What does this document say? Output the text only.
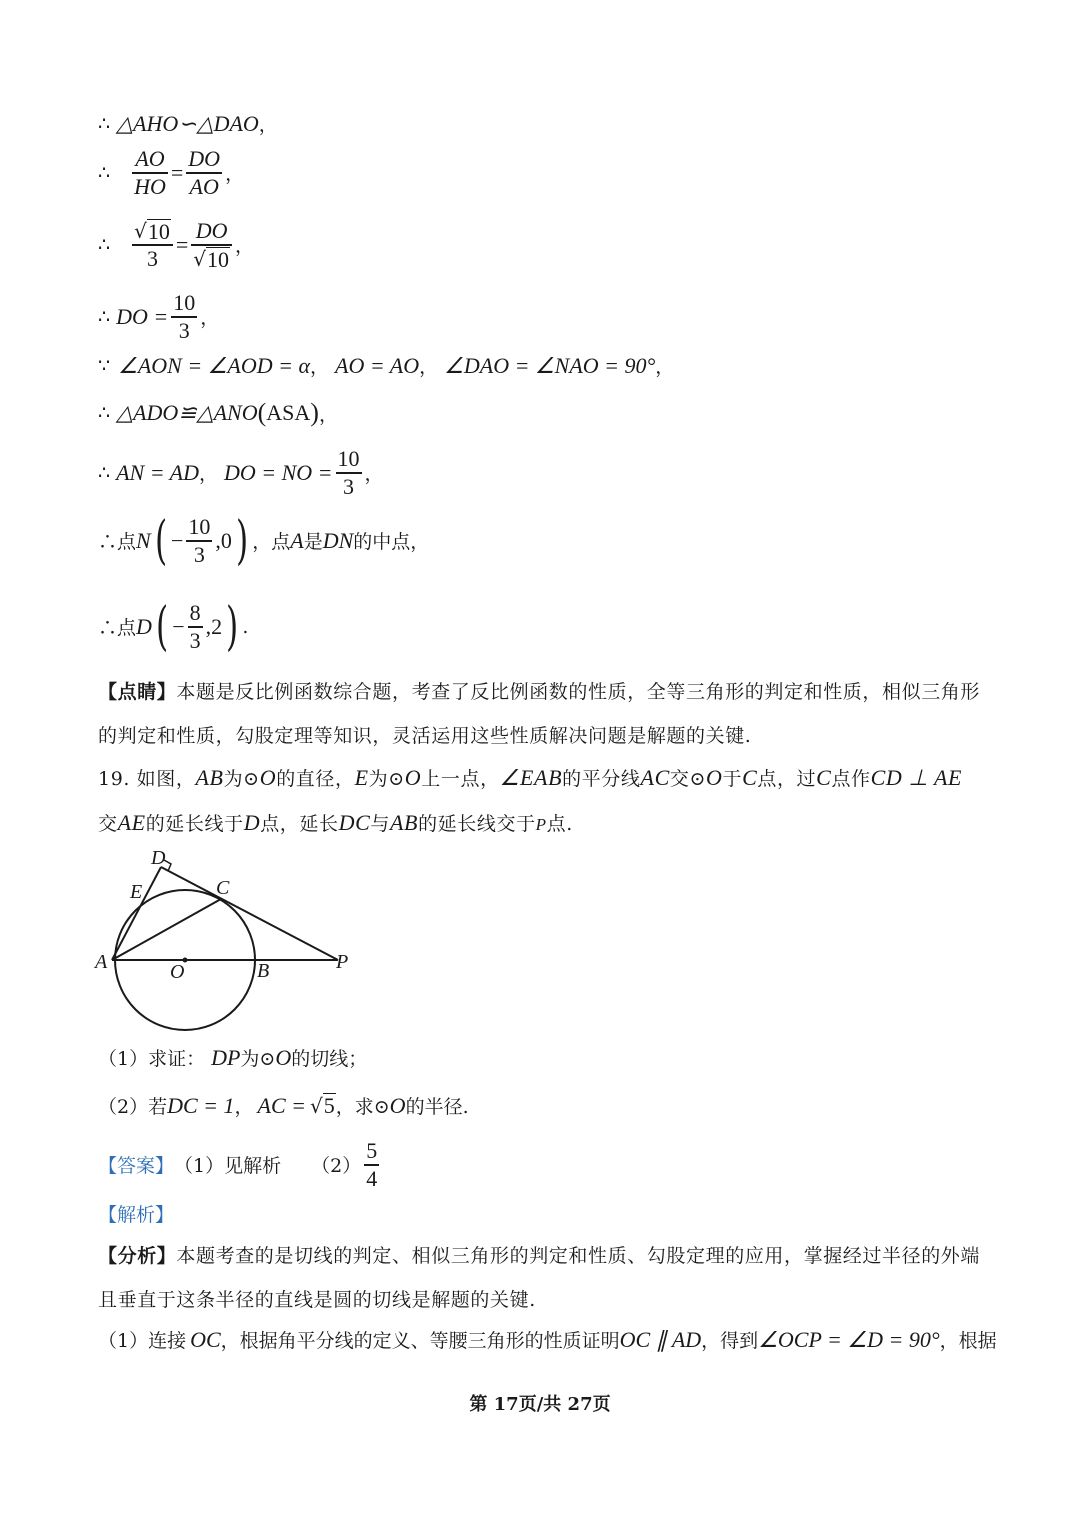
∴ △AHO∽△DAO ，
∴ $\frac{AO}{HO} = \frac{DO}{AO}$ ，
∴ $\frac{√ 10}{3} = \frac{DO}{√ 10}$ ，
∴ DO = $\frac{10}{3}$ ，
∵ ∠AON = ∠AOD = α ， AO = AO ， ∠DAO = ∠NAO = 90° ，
∴ △ADO≌△ANO ( ASA ) ，
∴ AN = AD ， DO = NO = $\frac{10}{3}$ ，
∴点 N ( − $\frac{10}{3} ,0$ ) ，点 A 是 DN 的中点，
∴点 D ( − $\frac{8}{3} ,2$ ) .
【点睛】本题是反比例函数综合题，考查了反比例函数的性质，全等三角形的判定和性质，相似三角形的判定和性质，勾股定理等知识，灵活运用这些性质解决问题是解题的关键.
19. 如图，AB为⊙O的直径，E为⊙O上一点，∠EAB的平分线AC交⊙O于C点，过C点作CD ⊥ AE
交AE的延长线于D点，延长DC与AB的延长线交于P点.
D
E	C
A	O	B	P
（1）求证： DP 为⊙ O 的切线；
（2）若 DC = 1 ， AC = √ 5 ，求⊙ O 的半径.
【答案】 （1）见解析 $(2) \frac{5}{4}$
【解析】
【分析】本题考查的是切线的判定、相似三角形的判定和性质、勾股定理的应用，掌握经过半径的外端且垂直于这条半径的直线是圆的切线是解题的关键.
（1）连接 OC ，根据角平分线的定义、等腰三角形的性质证明 OC ∥ AD ，得到 ∠OCP = ∠D = 90° ，根据
第 17页/共 27页
